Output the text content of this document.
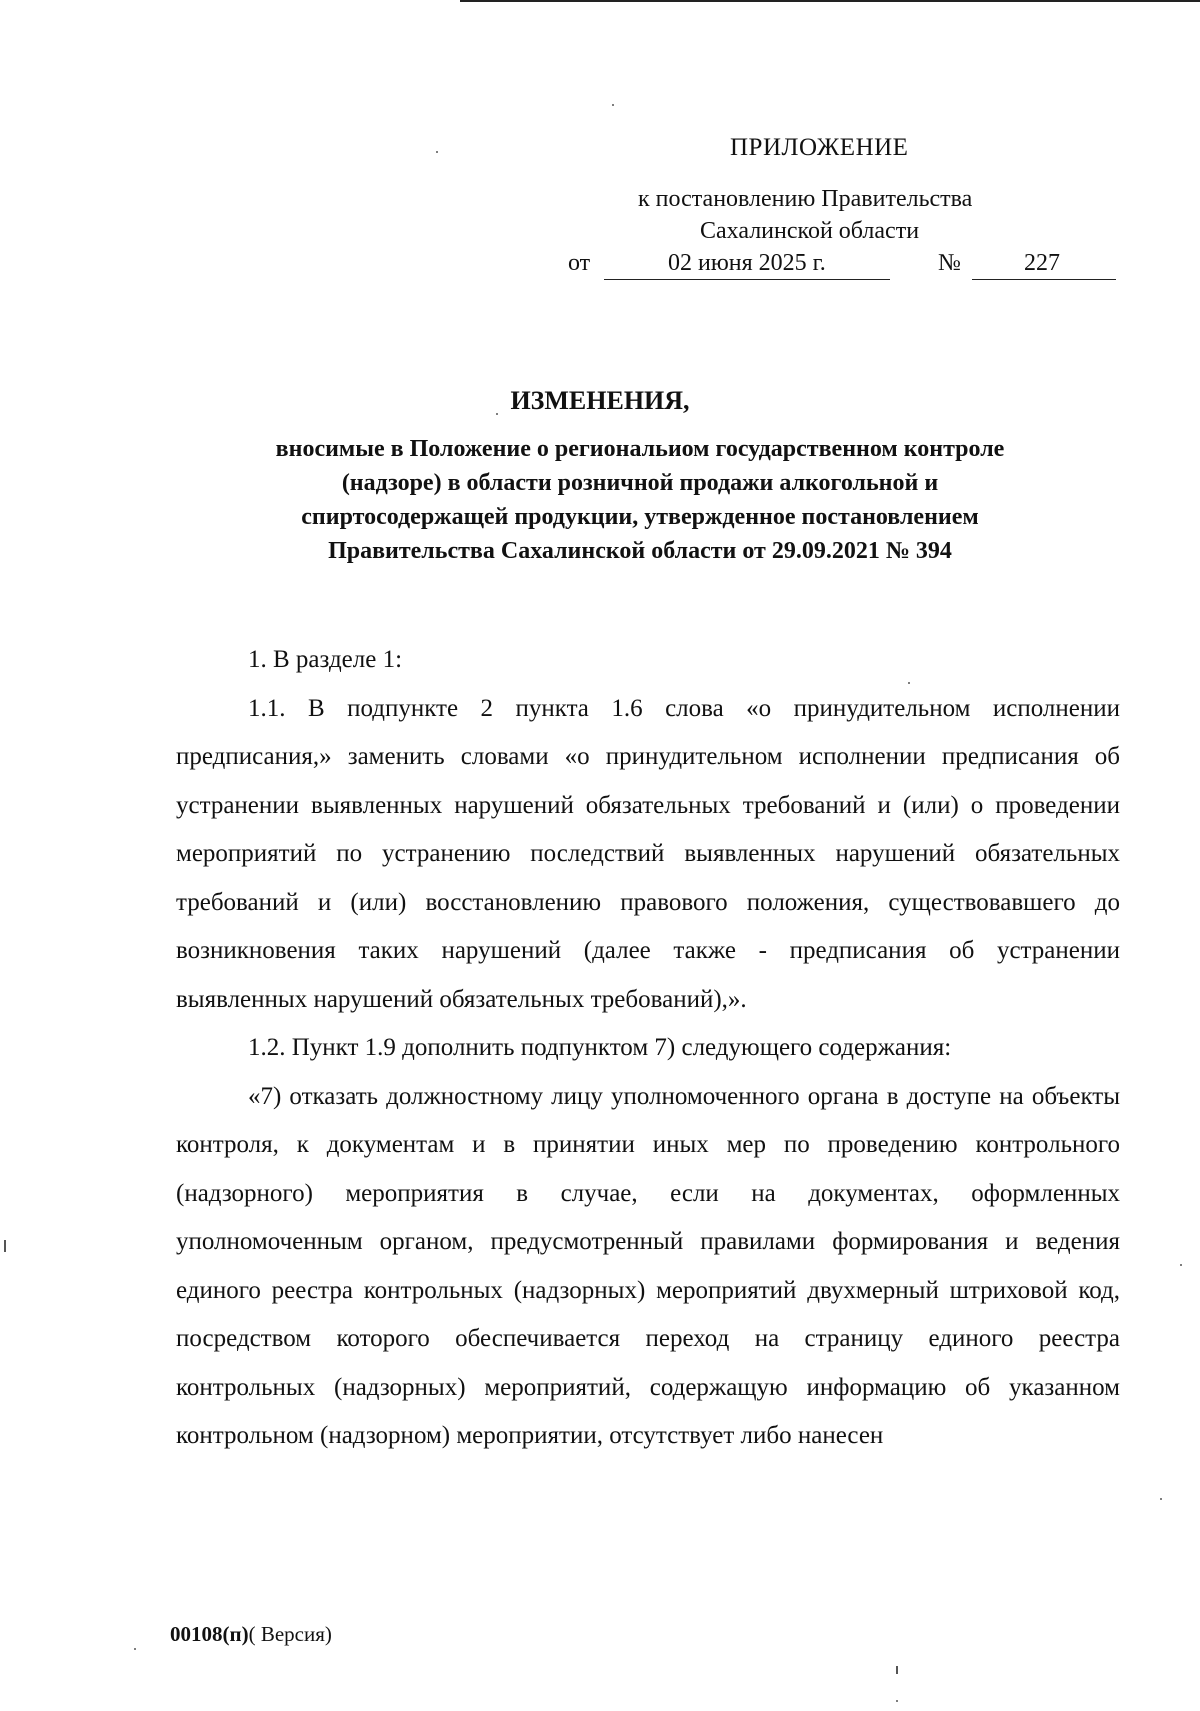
ПРИЛОЖЕНИЕ
к постановлению Правительства
Сахалинской области
от	02 июня 2025 г.	№	227
ИЗМЕНЕНИЯ,
вносимые в Положение о региональиом государственном контроле
(надзоре) в области розничной продажи алкогольной и
спиртосодержащей продукции, утвержденное постановлением
Правительства Сахалинской области от 29.09.2021 № 394

1. В разделе 1:

1.1. В подпункте 2 пункта 1.6 слова «о принудительном исполнении предписания,» заменить словами «о принудительном исполнении предписания об устранении выявленных нарушений обязательных требований и (или) о проведении мероприятий по устранению последствий выявленных нарушений обязательных требований и (или) восстановлению правового положения, существовавшего до возникновения таких нарушений (далее также - предписания об устранении выявленных нарушений обязательных требований),».

1.2. Пункт 1.9 дополнить подпунктом 7) следующего содержания:

«7) отказать должностному лицу уполномоченного органа в доступе на объекты контроля, к документам и в принятии иных мер по проведению контрольного (надзорного) мероприятия в случае, если на документах, оформленных уполномоченным органом, предусмотренный правилами формирования и ведения единого реестра контрольных (надзорных) мероприятий двухмерный штриховой код, посредством которого обеспечивается переход на страницу единого реестра контрольных (надзорных) мероприятий, содержащую информацию об указанном контрольном (надзорном) мероприятии, отсутствует либо нанесен

00108(п)( Версия)
